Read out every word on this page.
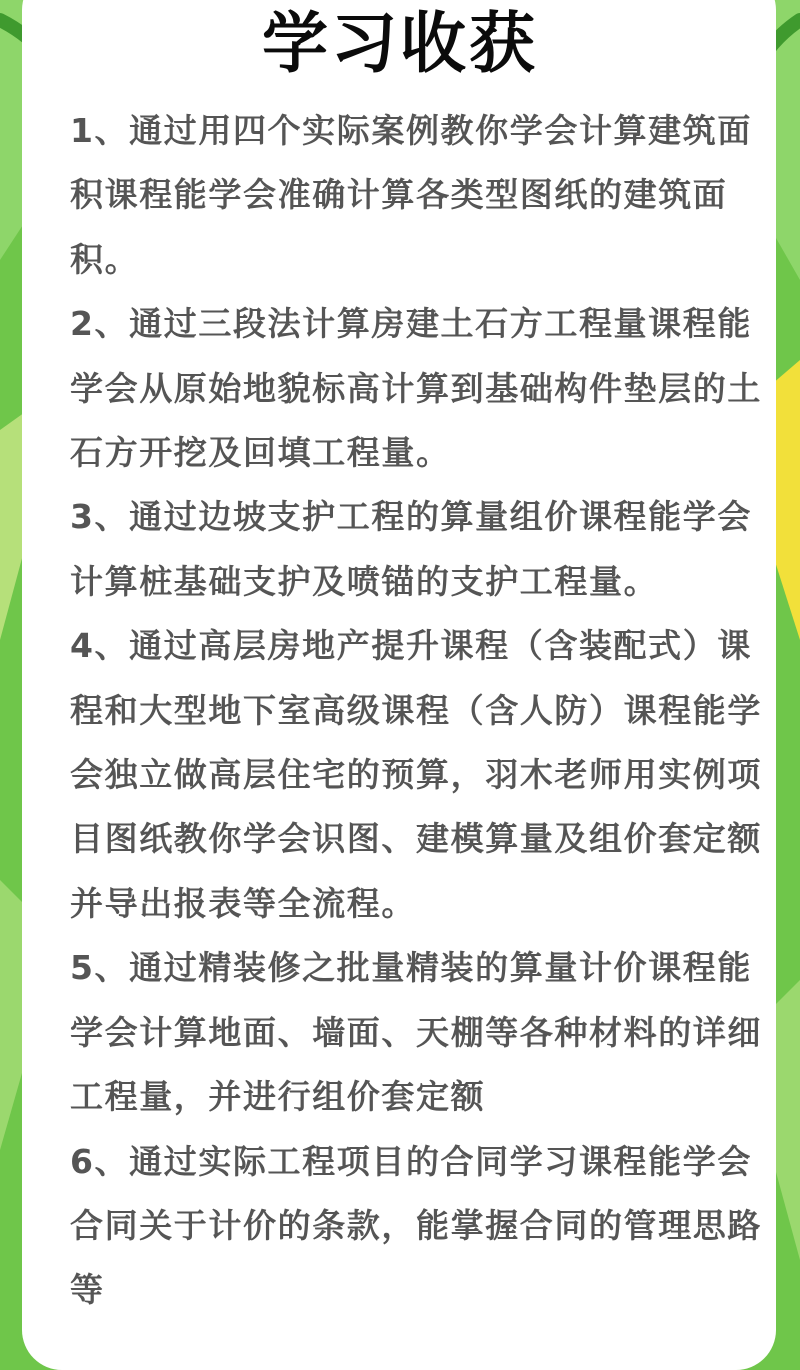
学习收获

1、通过用四个实际案例教你学会计算建筑面积课程能学会准确计算各类型图纸的建筑面积。

2、通过三段法计算房建土石方工程量课程能学会从原始地貌标高计算到基础构件垫层的土石方开挖及回填工程量。

3、通过边坡支护工程的算量组价课程能学会计算桩基础支护及喷锚的支护工程量。

4、通过高层房地产提升课程（含装配式）课程和大型地下室高级课程（含人防）课程能学会独立做高层住宅的预算，羽木老师用实例项目图纸教你学会识图、建模算量及组价套定额并导出报表等全流程。

5、通过精装修之批量精装的算量计价课程能学会计算地面、墙面、天棚等各种材料的详细工程量，并进行组价套定额

6、通过实际工程项目的合同学习课程能学会合同关于计价的条款，能掌握合同的管理思路等
